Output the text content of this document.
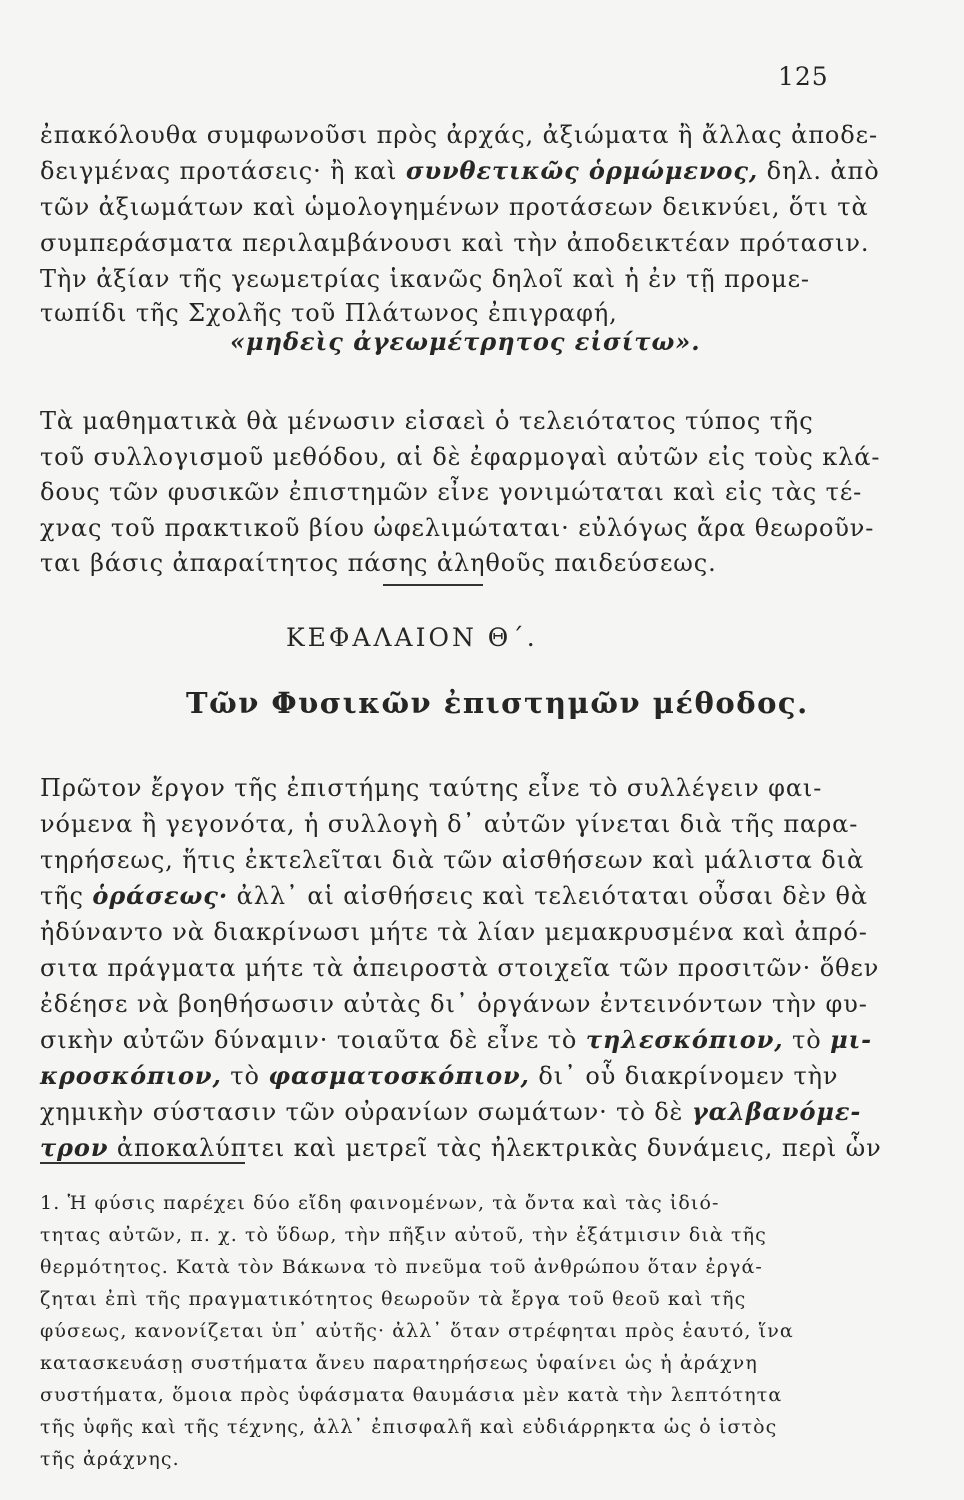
125
ἐπακόλουθα συμφωνοῦσι πρὸς ἀρχάς, ἀξιώματα ἢ ἄλλας ἀποδε-
δειγμένας προτάσεις· ἢ καὶ συνθετικῶς ὁρμώμενος, δηλ. ἀπὸ
τῶν ἀξιωμάτων καὶ ὡμολογημένων προτάσεων δεικνύει, ὅτι τὰ
συμπεράσματα περιλαμβάνουσι καὶ τὴν ἀποδεικτέαν πρότασιν.
Τὴν ἀξίαν τῆς γεωμετρίας ἱκανῶς δηλοῖ καὶ ἡ ἐν τῇ προμε-
τωπίδι τῆς Σχολῆς τοῦ Πλάτωνος ἐπιγραφή,
«μηδεὶς ἀγεωμέτρητος εἰσίτω».
Τὰ μαθηματικὰ θὰ μένωσιν εἰσαεὶ ὁ τελειότατος τύπος τῆς
τοῦ συλλογισμοῦ μεθόδου, αἱ δὲ ἐφαρμογαὶ αὐτῶν εἰς τοὺς κλά-
δους τῶν φυσικῶν ἐπιστημῶν εἶνε γονιμώταται καὶ εἰς τὰς τέ-
χνας τοῦ πρακτικοῦ βίου ὠφελιμώταται· εὐλόγως ἄρα θεωροῦν-
ται βάσις ἀπαραίτητος πάσης ἀληθοῦς παιδεύσεως.
ΚΕΦΑΛΑΙΟΝ Θ΄.
Τῶν Φυσικῶν ἐπιστημῶν μέθοδος.
Πρῶτον ἔργον τῆς ἐπιστήμης ταύτης εἶνε τὸ συλλέγειν φαι-
νόμενα ἢ γεγονότα, ἡ συλλογὴ δ᾽ αὐτῶν γίνεται διὰ τῆς παρα-
τηρήσεως, ἥτις ἐκτελεῖται διὰ τῶν αἰσθήσεων καὶ μάλιστα διὰ
τῆς ὁράσεως· ἀλλ᾽ αἱ αἰσθήσεις καὶ τελειόταται οὖσαι δὲν θὰ
ἠδύναντο νὰ διακρίνωσι μήτε τὰ λίαν μεμακρυσμένα καὶ ἀπρό-
σιτα πράγματα μήτε τὰ ἀπειροστὰ στοιχεῖα τῶν προσιτῶν· ὅθεν
ἐδέησε νὰ βοηθήσωσιν αὐτὰς δι᾽ ὀργάνων ἐντεινόντων τὴν φυ-
σικὴν αὐτῶν δύναμιν· τοιαῦτα δὲ εἶνε τὸ τηλεσκόπιον, τὸ μι-
κροσκόπιον, τὸ φασματοσκόπιον, δι᾽ οὗ διακρίνομεν τὴν
χημικὴν σύστασιν τῶν οὐρανίων σωμάτων· τὸ δὲ γαλβανόμε-
τρον ἀποκαλύπτει καὶ μετρεῖ τὰς ἠλεκτρικὰς δυνάμεις, περὶ ὧν
1. Ἡ φύσις παρέχει δύο εἴδη φαινομένων, τὰ ὄντα καὶ τὰς ἰδιό-
τητας αὐτῶν, π. χ. τὸ ὕδωρ, τὴν πῆξιν αὐτοῦ, τὴν ἐξάτμισιν διὰ τῆς
θερμότητος. Κατὰ τὸν Βάκωνα τὸ πνεῦμα τοῦ ἀνθρώπου ὅταν ἐργά-
ζηται ἐπὶ τῆς πραγματικότητος θεωροῦν τὰ ἔργα τοῦ θεοῦ καὶ τῆς
φύσεως, κανονίζεται ὑπ᾽ αὐτῆς· ἀλλ᾽ ὅταν στρέφηται πρὸς ἑαυτό, ἵνα
κατασκευάσῃ συστήματα ἄνευ παρατηρήσεως ὑφαίνει ὡς ἡ ἀράχνη
συστήματα, ὅμοια πρὸς ὑφάσματα θαυμάσια μὲν κατὰ τὴν λεπτότητα
τῆς ὑφῆς καὶ τῆς τέχνης, ἀλλ᾽ ἐπισφαλῆ καὶ εὐδιάρρηκτα ὡς ὁ ἱστὸς
τῆς ἀράχνης.
